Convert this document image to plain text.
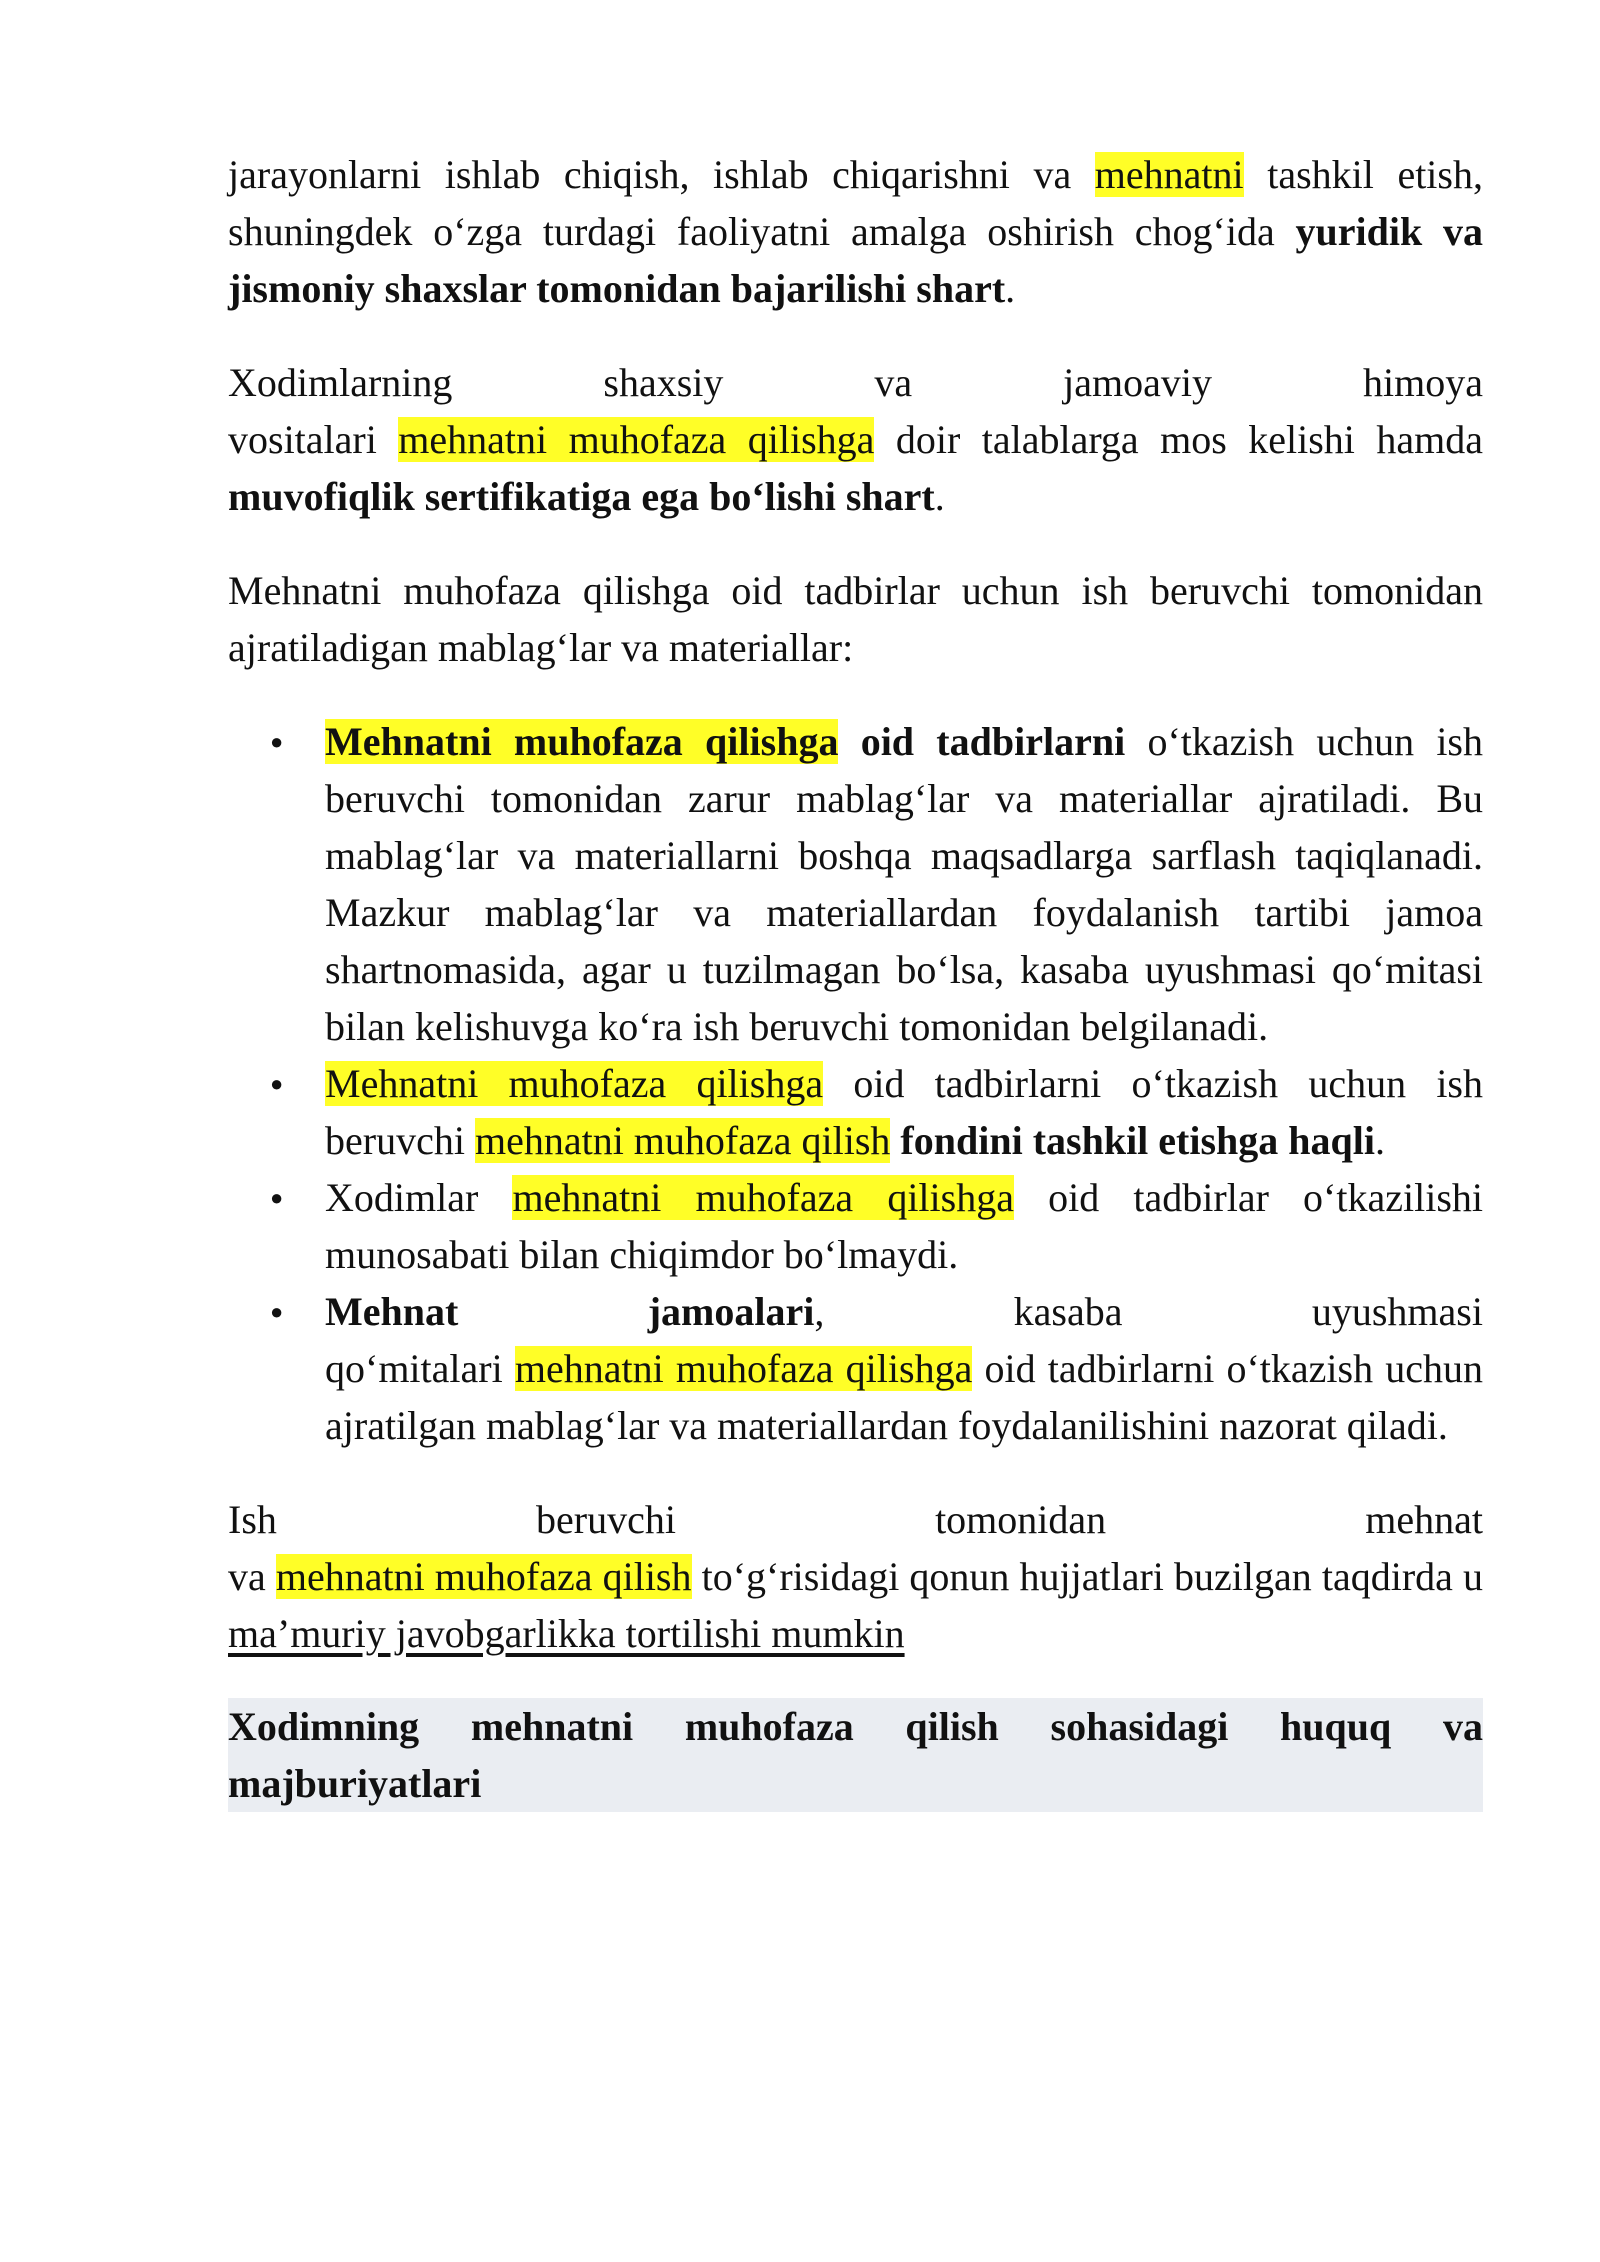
jarayonlarni ishlab chiqish, ishlab chiqarishni va mehnatni tashkil etish, shuningdek o‘zga turdagi faoliyatni amalga oshirish chog‘ida yuridik va jismoniy shaxslar tomonidan bajarilishi shart.

Xodimlarning	shaxsiy	va	jamoaviy	himoya

vositalari mehnatni muhofaza qilishga doir talablarga mos kelishi hamda muvofiqlik sertifikatiga ega bo‘lishi shart.

Mehnatni muhofaza qilishga oid tadbirlar uchun ish beruvchi tomonidan ajratiladigan mablag‘lar va materiallar:

● Mehnatni muhofaza qilishga oid tadbirlarni o‘tkazish uchun ish beruvchi tomonidan zarur mablag‘lar va materiallar ajratiladi. Bu mablag‘lar va materiallarni boshqa maqsadlarga sarflash taqiqlanadi. Mazkur mablag‘lar va materiallardan foydalanish tartibi jamoa shartnomasida, agar u tuzilmagan bo‘lsa, kasaba uyushmasi qo‘mitasi bilan kelishuvga ko‘ra ish beruvchi tomonidan belgilanadi.
● Mehnatni muhofaza qilishga oid tadbirlarni o‘tkazish uchun ish beruvchi mehnatni muhofaza qilish fondini tashkil etishga haqli.
● Xodimlar mehnatni muhofaza qilishga oid tadbirlar o‘tkazilishi munosabati bilan chiqimdor bo‘lmaydi.
● Mehnat	jamoalari,	kasaba	uyushmasi
qo‘mitalari mehnatni muhofaza qilishga oid tadbirlarni o‘tkazish uchun ajratilgan mablag‘lar va materiallardan foydalanilishini nazorat qiladi.
Ish	beruvchi	tomonidan	mehnat

va mehnatni muhofaza qilish to‘g‘risidagi qonun hujjatlari buzilgan taqdirda u ma’muriy javobgarlikka tortilishi mumkin

Xodimning mehnatni muhofaza qilish sohasidagi huquq va majburiyatlari
